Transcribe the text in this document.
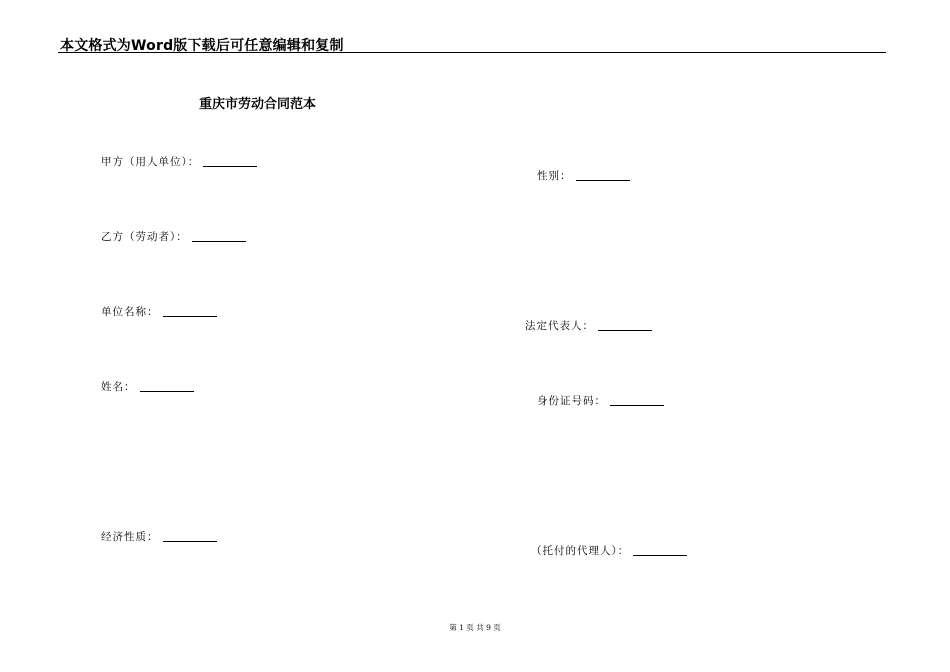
本文格式为Word版下载后可任意编辑和复制
重庆市劳动合同范本
甲方（用人单位）：
性别：
乙方（劳动者）：
单位名称：
法定代表人：
姓名：
身份证号码：
经济性质：
（托付的代理人）：
第 1 页 共 9 页
